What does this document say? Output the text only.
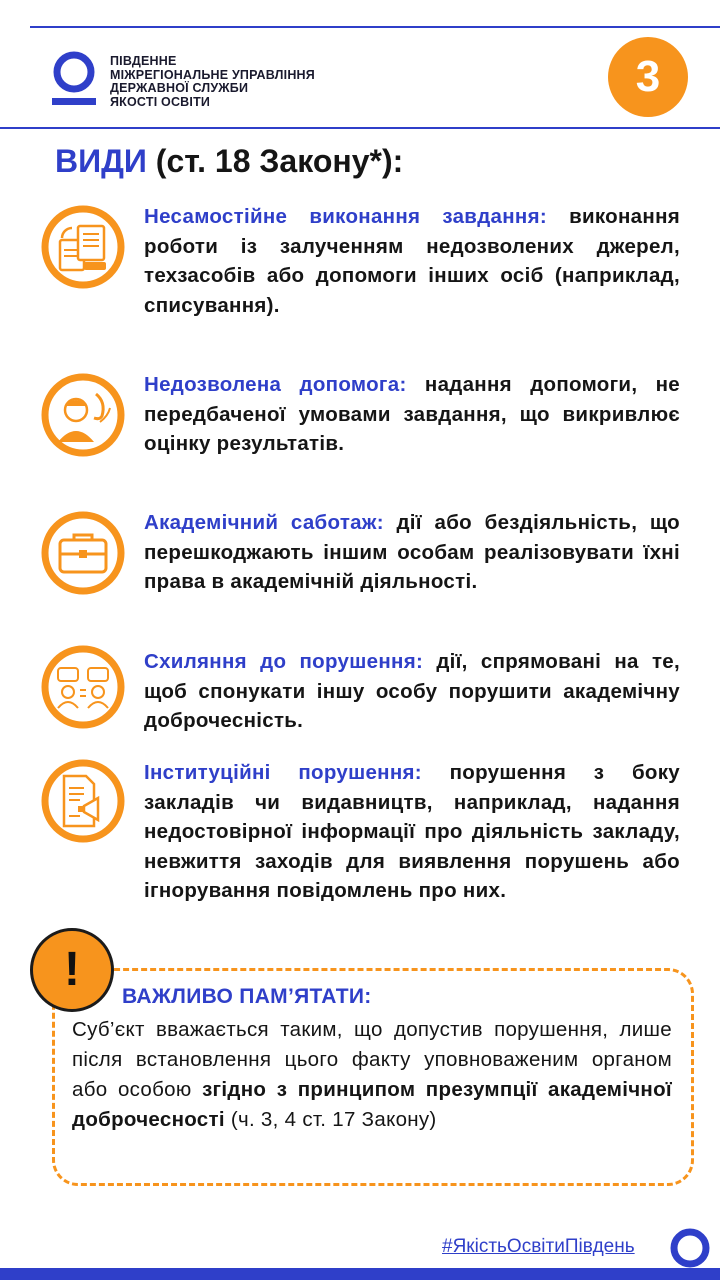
ПІВДЕННЕ
МІЖРЕГІОНАЛЬНЕ УПРАВЛІННЯ
ДЕРЖАВНОЇ СЛУЖБИ
ЯКОСТІ ОСВІТИ
3
ВИДИ (ст. 18 Закону*):
Несамостійне виконання завдання: виконання роботи із залученням недозволених джерел, техзасобів або допомоги інших осіб (наприклад, списування).
Недозволена допомога: надання допомоги, не передбаченої умовами завдання, що викривлює оцінку результатів.
Академічний саботаж: дії або бездіяльність, що перешкоджають іншим особам реалізовувати їхні права в академічній діяльності.
Схиляння до порушення: дії, спрямовані на те, щоб спонукати іншу особу порушити академічну доброчесність.
Інституційні порушення: порушення з боку закладів чи видавництв, наприклад, надання недостовірної інформації про діяльність закладу, невжиття заходів для виявлення порушень або ігнорування повідомлень про них.
!
ВАЖЛИВО ПАМ’ЯТАТИ:
Суб’єкт вважається таким, що допустив порушення, лише після встановлення цього факту уповноваженим органом або особою згідно з принципом презумпції академічної доброчесності (ч. 3, 4 ст. 17 Закону)
#ЯкістьОсвітиПівдень
